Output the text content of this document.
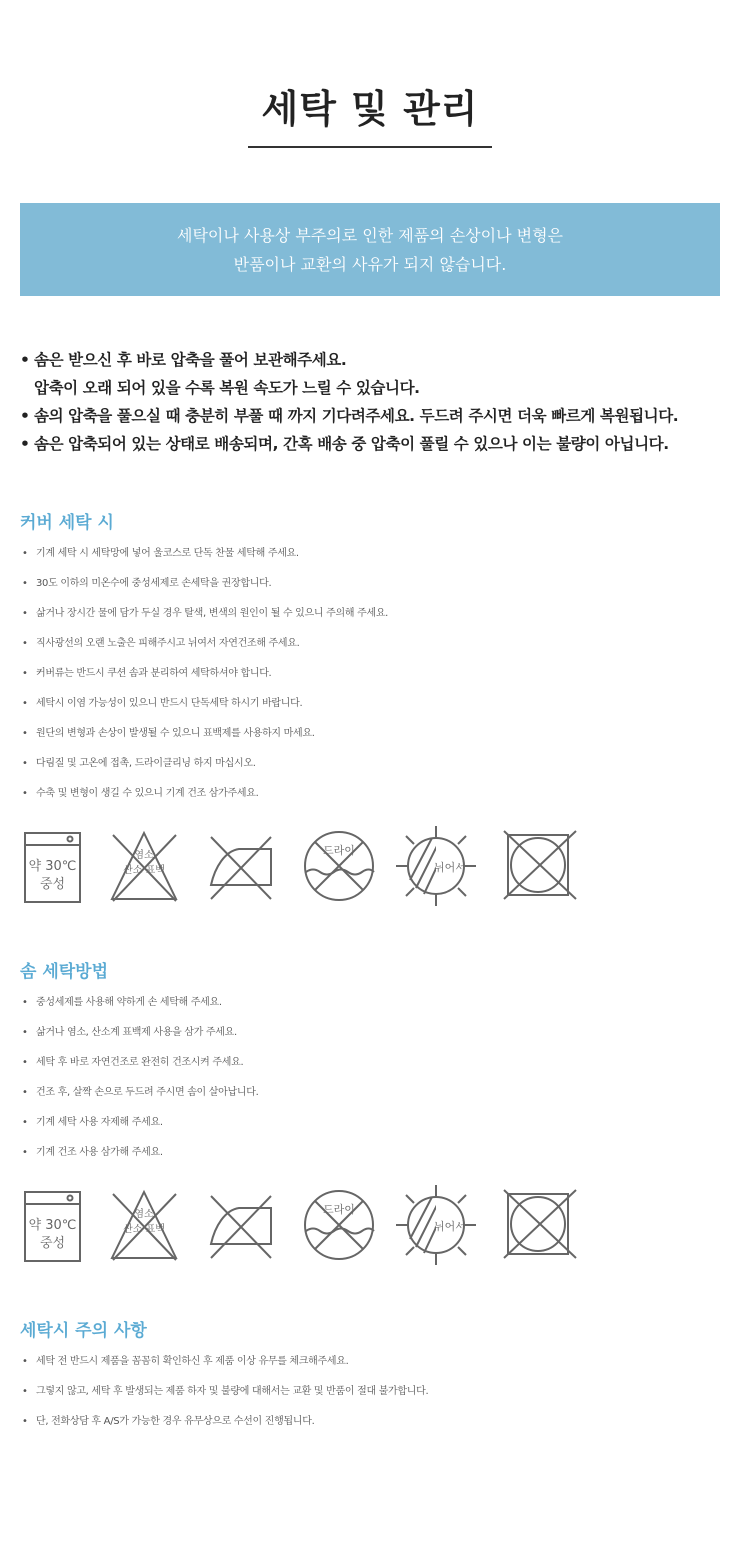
세탁 및 관리

세탁이나 사용상 부주의로 인한 제품의 손상이나 변형은

반품이나 교환의 사유가 되지 않습니다.

• 솜은 받으신 후 바로 압축을 풀어 보관해주세요.
압축이 오래 되어 있을 수록 복원 속도가 느릴 수 있습니다.
• 솜의 압축을 풀으실 때 충분히 부풀 때 까지 기다려주세요. 두드려 주시면 더욱 빠르게 복원됩니다.
• 솜은 압축되어 있는 상태로 배송되며, 간혹 배송 중 압축이 풀릴 수 있으나 이는 불량이 아닙니다.
커버 세탁 시
• 기계 세탁 시 세탁망에 넣어 울코스로 단독 찬물 세탁해 주세요.
• 30도 이하의 미온수에 중성세제로 손세탁을 권장합니다.
• 삶거나 장시간 물에 담가 두실 경우 탈색, 변색의 원인이 될 수 있으니 주의해 주세요.
• 직사광선의 오랜 노출은 피해주시고 뉘여서 자연건조해 주세요.
• 커버류는 반드시 쿠션 솜과 분리하여 세탁하셔야 합니다.
• 세탁시 이염 가능성이 있으니 반드시 단독세탁 하시기 바랍니다.
• 원단의 변형과 손상이 발생될 수 있으니 표백제를 사용하지 마세요.
• 다림질 및 고온에 접촉, 드라이클리닝 하지 마십시오.
• 수축 및 변형이 생길 수 있으니 기계 건조 삼가주세요.
약 30℃
중성
염소
산소 표백
드라이
뉘어서
솜 세탁방법
• 중성세제를 사용해 약하게 손 세탁해 주세요.
• 삶거나 염소, 산소계 표백제 사용을 삼가 주세요.
• 세탁 후 바로 자연건조로 완전히 건조시켜 주세요.
• 건조 후, 살짝 손으로 두드려 주시면 솜이 살아납니다.
• 기계 세탁 사용 자제해 주세요.
• 기계 건조 사용 삼가해 주세요.
약 30℃
중성
염소
산소 표백
드라이
뉘어서
세탁시 주의 사항
• 세탁 전 반드시 제품을 꼼꼼히 확인하신 후 제품 이상 유무를 체크해주세요.
• 그렇지 않고, 세탁 후 발생되는 제품 하자 및 불량에 대해서는 교환 및 반품이 절대 불가합니다.
• 단, 전화상담 후 A/S가 가능한 경우 유무상으로 수선이 진행됩니다.
